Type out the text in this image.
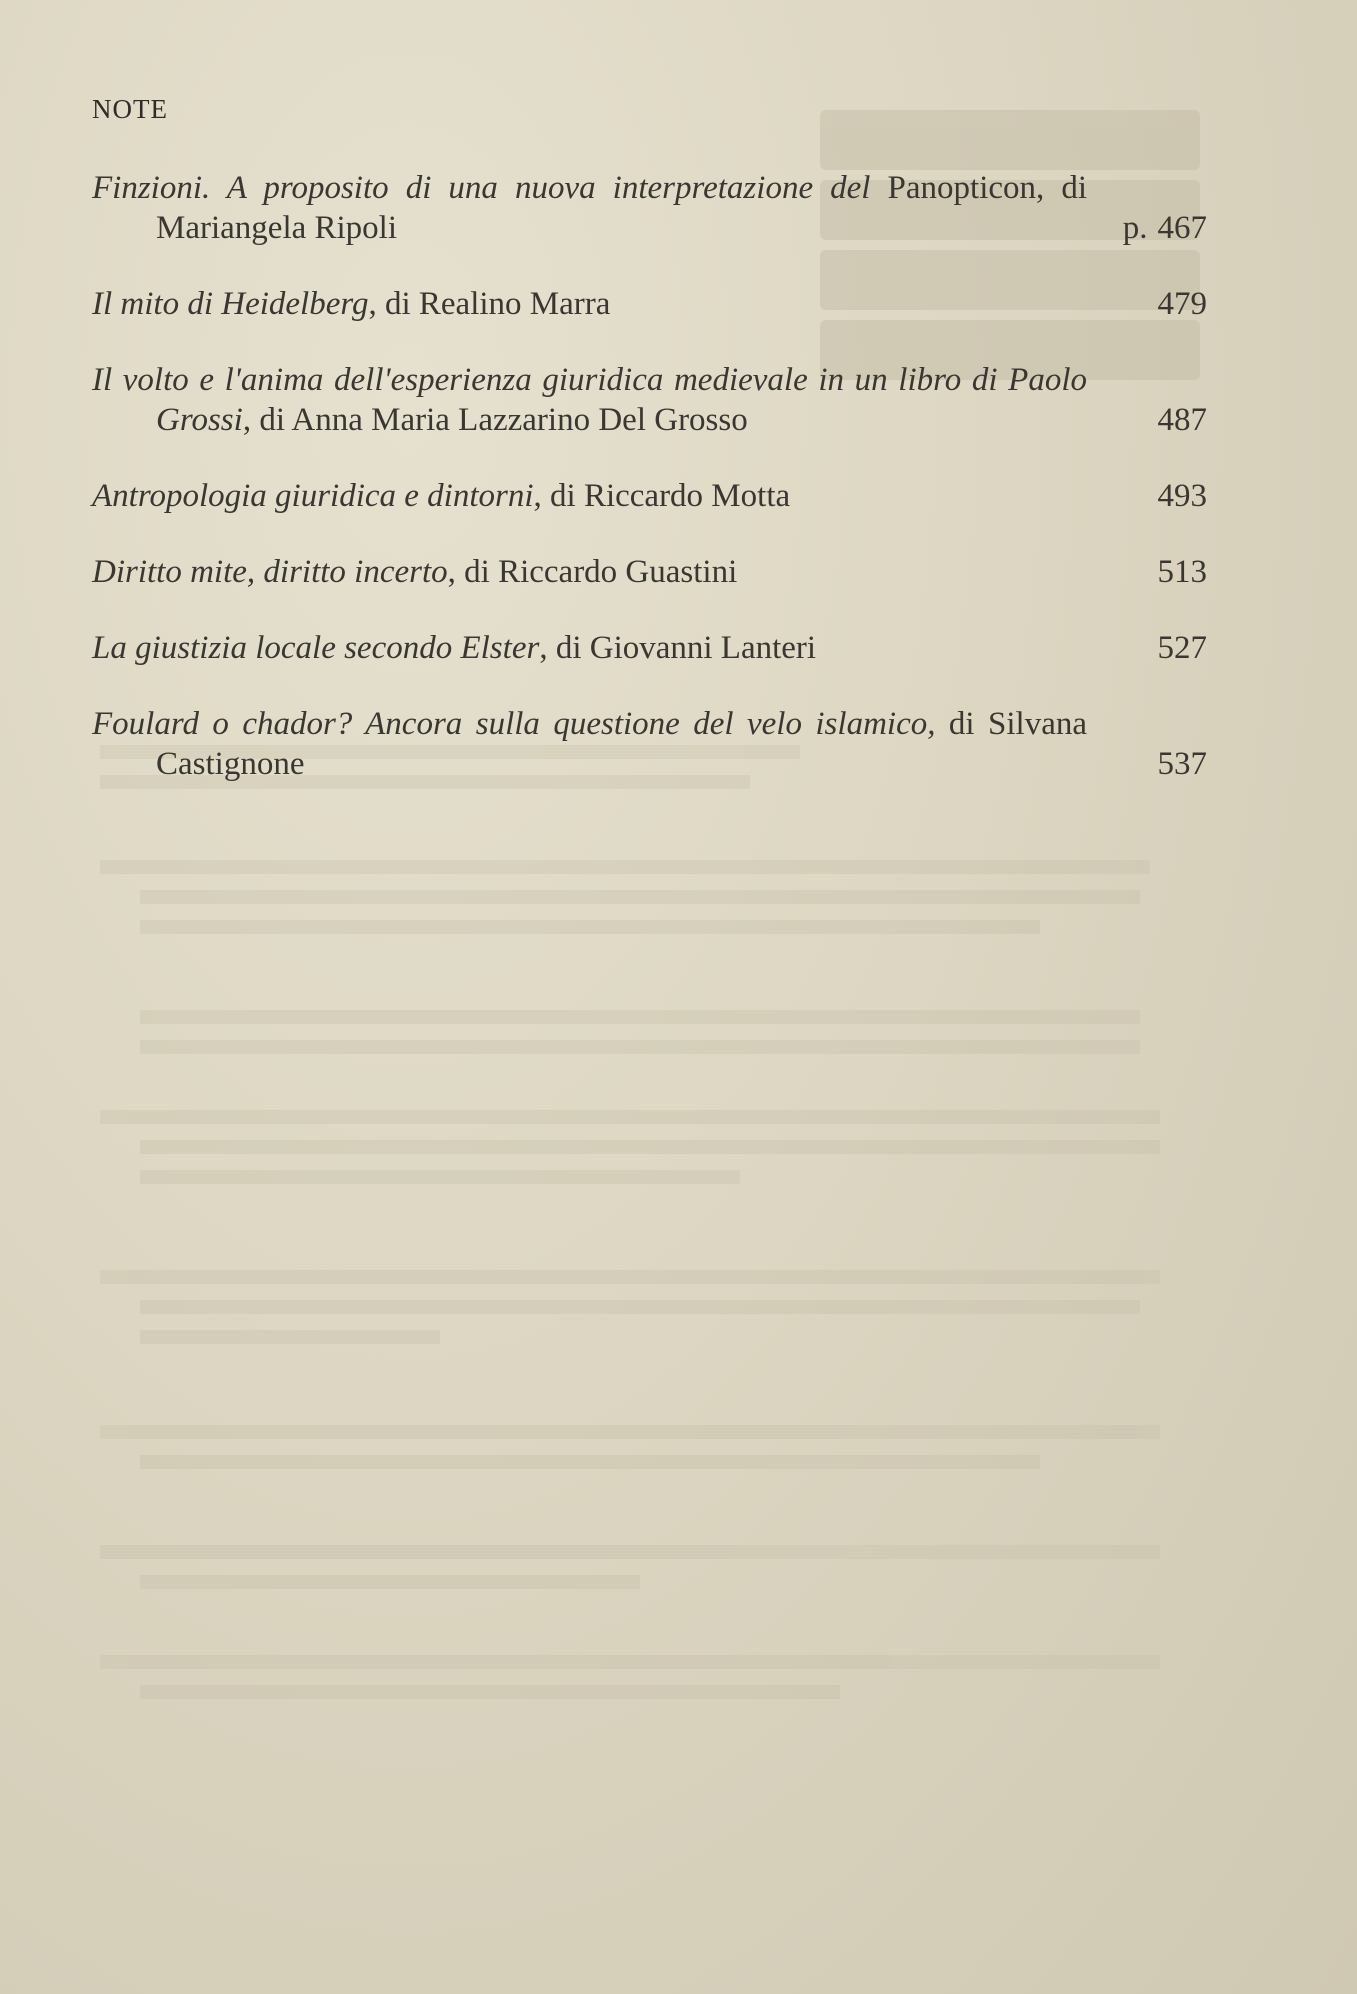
NOTE
Finzioni. A proposito di una nuova interpretazione del Panopticon, di Mariangela Ripoli	p. 467
Il mito di Heidelberg, di Realino Marra	479
Il volto e l'anima dell'esperienza giuridica medievale in un libro di Paolo Grossi, di Anna Maria Lazzarino Del Grosso	487
Antropologia giuridica e dintorni, di Riccardo Motta	493
Diritto mite, diritto incerto, di Riccardo Guastini	513
La giustizia locale secondo Elster, di Giovanni Lanteri	527
Foulard o chador? Ancora sulla questione del velo islamico, di Silvana Castignone	537
